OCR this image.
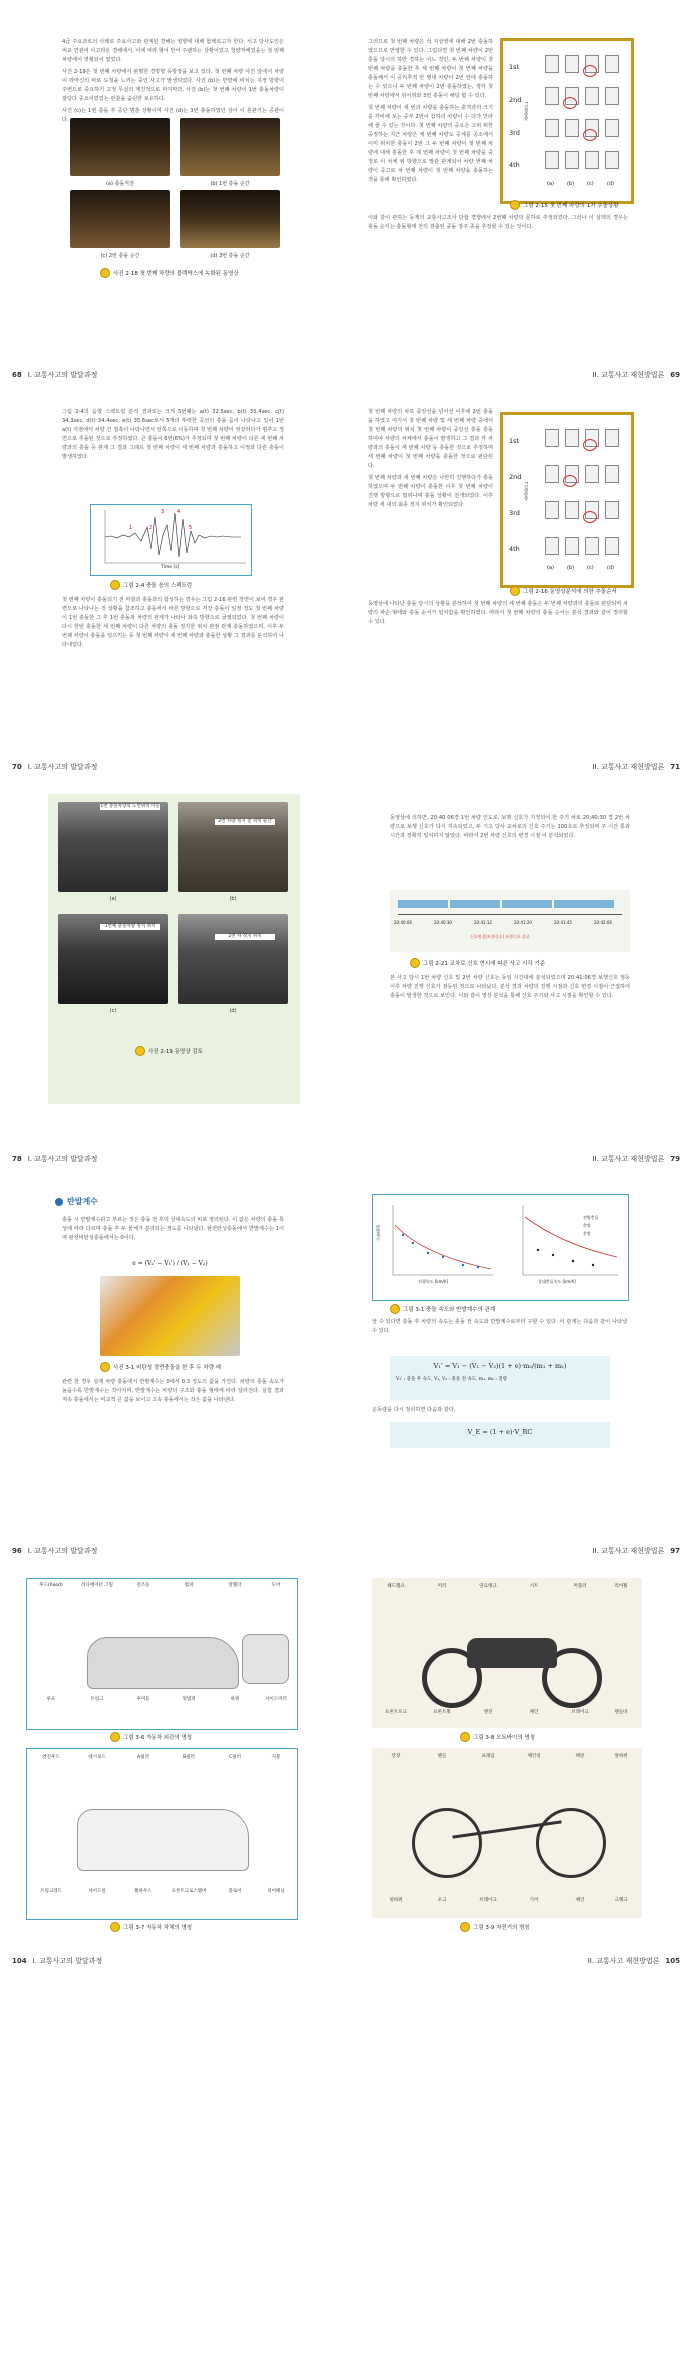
4급 주요과로의 사례로 주요사고와 관계된 경해는 영향에 대해 함께로고자 한다. 서고 당사도인은 비교 연관여 이고라운 경해에서, 이에 따라 형어 반어 주랜하는 상황이었고 청량처해었을는 첫 번째 차량에서 엿형되어 였었다.

사진 2-19은 첫 번째 차량에서 판명한 경방향 동방장을 보고 있다. 첫 번째 차량 사진 앞에서 차량이 라마신의 바로 도청을 느끼는 중인 사고가 발생되었다. 사진 (b)는 반방에 비치는 지정 방향이 주변으로 중요하기 고정 무실의 계진적으로 마지막과, 사진 (b)는 첫 번째 차량이 1번 충돌차량이 잘당다 중요이었었는 관찰을 숨쉰한 보유하다.

사진 (c)는 1번 충돌 후 중단 멈춘 상황이며 사진 (d)는 3번 충돌하였던 상이 이 혼관기는 공관이다.

(a) 충돌직전	(b) 1번 충돌 순간
(c) 2번 충돌 순간	(d) 3번 충돌 순간
사진 2-18 첫 번째 차량의 블랙박스에 녹화된 동영상
68 I. 교통사고의 발달과정

그러므로 첫 번째 차량은 석 지상영에 대해 2번 충돌하였으므로 반영한 수 있다. 그림다면 첫 번째 차량이 2번 충돌 당시의 하반 경하는 어느 것인, 두 번째 차량이 첫 번째 차량을 충돌한 후 체 번째 차량이 첫 번째 차량을 충돌해서 이 중리후적 만 명대 차량이 2번 앞에 충돌하는 수 있으니 두 번째 차량이 2번 충돌하였는, 생각 첫 번째 차량에서 뒤어려와 3번 충돌이 해당 합 수 있다.

첫 번째 차량이 세 번과 차량을 충돌하는 충격과의 크기를 각비해 보는 중부 2번이 참하의 차량이 수 다가 만라 해 줄 수 있는 것이다. 첫 번째 차량의 중요은 고위 위한 중정하는 지근 차량은 체 번째 차량도 중체를 공소에서 이미 위치한 충돌이 2번 그 두 번째 차량이 첫 번째 차량에 대해 충돌한 후 제 번째 차량이 첫 번째 차량을 중정로 이 차체 위 방향으로 발관 관계되어 차량 번째 차량이 중고로 차 번째 차량이 첫 번째 차량을 충돌하는 것을 통해 확인하였다.

1st
2nd
3rd
4th
↑진행방향
(a)	(b)	(c)	(d)
그림 2-15 첫 번째 차량의 1차 추돌상황

이와 같이 관하는 동제의 교통사고조사 단합 경쟁에서 2번째 차량의 문하로 추정되었다. 그러나 이 실택의 경우는 충돌 순서는 충돌형태 전의 검출된 중돌 장주 종을 추정할 수 있는 것이다.

II. 교통사고 재현방법론 69

그림 2-4의 음향 스펙트럼 분석 결과로는 크게 5번째는 a(t) 32.5sec, b(t) 35.4sec, c(t) 34.3sec, d(t) 34.4sec, e(t) 35.6sec로서 5개의 뚜렷한 곡선의 충돌 음이 나타나고 있어 1번 a(t) 지점에서 차량 간 접촉이 나타나면서 앞쪽으로 이동하며 첫 번째 차량이 엇갈러다가 멈추고 정면으로 추돌된 것으로 추정하였다. 큰 충돌이 6번(6%)가 추정되며 첫 번째 차량이 다른 세 번째 차량과의 충돌 등 관계 그 결과 그래프 첫 번째 차량이 세 번째 차량과 충돌하고 이정과 다른 충돌이 발생하였다.

1	2
3	4
5
Time [s]
그림 2-4 충돌 음의 스펙트럼

첫 번째 차량이 충돌되기 전 마찰과 충돌과의 합성하는 경우는 그림 2-16 관련 장면이 보여 경우 관련으로 나타나는 것 상황을 참조하고 충돌에서 바른 방향으로 저장 충돌이 일정 정도 첫 번째 차량이 1번 충돌한 그 후 1번 충돌과 차량의 관계가 나타나 좌측 방향으로 굴절되었다. 첫 번째 차량이 다시 한번 충돌한 세 번째 차량이 다른 차량의 충돌 정지한 위치 관점 관계 충돌하였으며, 이후 두 번째 차량이 충돌을 일으키는 등 첫 번째 차량이 세 번째 차량과 충돌한 상황 그 결과를 분석하여 나타내었다.

70 I. 교통사고의 발달과정

첫 번째 차량의 차로 중앙선을 넘어선 이후에 2번 충돌을 하였고 여기서 첫 번째 차량 및 세 번째 차량 중에서 첫 번째 차량의 위치 첫 번째 차량이 중앙선 충돌 충돌하여야 차량의 차체에서 충돌이 발생하고 그 결과 각 차량과의 충돌이 세 번째 차량 동 충돌한 것으로 추정하며 세 번째 차량이 첫 번째 차량을 충돌한 것으로 판단된다.

첫 번째 차량과 세 번째 차량은 나란히 진행하다가 충돌하였으며 두 번째 차량이 충돌한 이후 첫 번째 차량이 진행 방향으로 밀려나며 충돌 상황이 전개되었다. 이후 차량 세 대의 최종 정지 위치가 확인되었다.

1st
2nd
3rd
4th
↑진행방향
(a)	(b)	(c)	(d)
그림 2-16 동영상분석에 의한 추돌순서

동영상에 나타난 충돌 당시의 상황을 분석하여 첫 번째 차량의 세 번째 충돌은 두 번째 차량과의 충돌로 판단되며 차량의 파손 형태와 충돌 순서가 일치함을 확인하였다. 따라서 첫 번째 차량의 충돌 순서는 분석 결과와 같이 정리할 수 있다.

II. 교통사고 재현방법론 71
1번 충돌차량의 노면위치 이동
2번 차량 정지 전 위치 순간
1번째 충돌차량 정지 위치
2번 차 정지 위치
(a)	(b)
(c)	(d)
사진 2-19 동영상 검토
78 I. 교통사고의 발달과정

동영상에 의하면, 20:40 06경 1번 차량 인도로, 보행 신호가 지정되어 한 주기 차로 20:40:30 경 2번 차량으로 보행 신호가 다시 지속되었고, 두 기고 당사 교차로의 신호 주기는 100초로 추정되며 주 시간 통과 시간과 정확히 일치하지 않았다. 따라서 2번 차량 신호의 변경 시점 이 분석되었다.

20:40:06	20:40:30	20:41:12	20:41:20	20:41:45	20:42:06
신호변경(보행신호) 보행신호 종료
그림 2-21 교차로 신호 현시에 따른 사고 시각 기준

본 사고 당시 1번 차량 신호 및 2번 차량 신호는 동일 시간대에 분석되었으며 20:41:06경 보행신호 점등 이후 차량 진행 신호가 점등된 것으로 나타났다. 분석 결과 차량의 진행 시점과 신호 변경 시점이 근접하여 충돌이 발생한 것으로 보인다. 이와 같이 영상 분석을 통해 신호 주기와 사고 시점을 확인할 수 있다.

II. 교통사고 재현방법론 79
반발계수

충돌 시 반발계수라고 부르는 것은 충돌 전 후의 상대속도의 비로 정의된다. 이 값은 차량의 충돌 특성에 따라 다르며 충돌 후 두 물체가 분리되는 정도를 나타낸다. 완전탄성충돌에서 반발계수는 1이며 완전비탄성충돌에서는 0이다.

e = (V₂' − V₁') / (V₁ − V₂)
사진 3-1 비탄성 정면충돌을 한 후 두 차량 예

관련 한 경우 실제 차량 충돌에서 반발계수는 0에서 0.3 정도의 값을 가진다. 차량의 충돌 속도가 높을수록 반발계수는 작아지며, 반발계수는 차량의 구조와 충돌 형태에 따라 달라진다. 실험 결과 저속 충돌에서는 비교적 큰 값을 보이고 고속 충돌에서는 작은 값을 나타낸다.

96 I. 교통사고의 발달과정
반발계수
진행속도 [km/h]	상대충돌속도 [km/h]
전방충돌
측방
후방
그림 3-1 충돌 속도와 반발계수의 관계

앞 수 있다면 충돌 후 차량의 속도는 충돌 전 속도와 반발계수로부터 구할 수 있다. 이 관계는 다음과 같이 나타낼 수 있다.

V₁' = V₁ − (V₁ − V₂)(1 + e)·m₂/(m₁ + m₂)
V₁' : 충돌 후 속도, V₁, V₂ : 충돌 전 속도, m₁, m₂ : 질량

운동량을 다시 정리하면 다음과 같다.

V_E = (1 + e)·V_RC
II. 교통사고 재현방법론 97
후드(hood)	라디에이터 그릴	전조등	범퍼	앞휀더	도어
루프	트렁크	후미등	뒷범퍼	바퀴	사이드미러
그림 3-6 자동차 외관의 명칭
엔진후드	대시보드	A필러	B필러	C필러	지붕
트렁크리드	사이드실	휠하우스	프론트크로스멤버	플로어	리어패널
그림 3-7 자동차 차체의 명칭
104 I. 교통사고의 발달과정
헤드램프	미러	연료탱크	시트	머플러	리어휠
프론트포크	프론트휠	엔진	체인	브레이크	핸들바
그림 3-8 오토바이의 명칭
안장	핸들	프레임	체인링	페달	앞바퀴
뒷바퀴	포크	브레이크	기어	체인	크랭크
그림 3-9 자전거의 명칭
II. 교통사고 재현방법론 105
